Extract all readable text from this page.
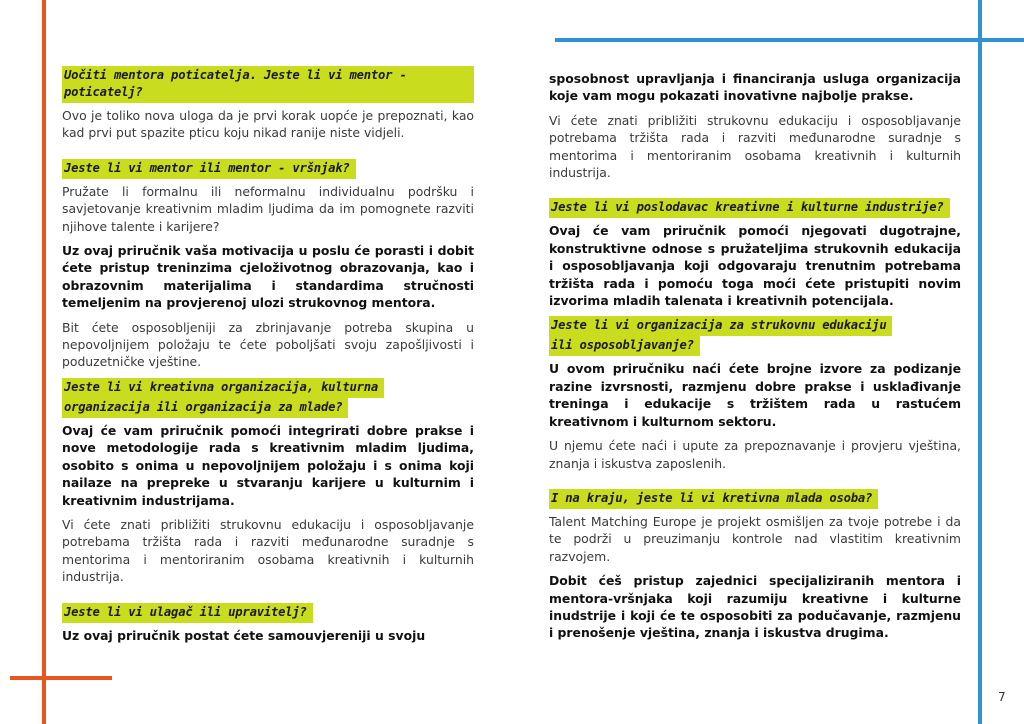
Uočiti mentora poticatelja. Jeste li vi mentor - poticatelj?

Ovo je toliko nova uloga da je prvi korak uopće je prepoznati, kao kad prvi put spazite pticu koju nikad ranije niste vidjeli.

Jeste li vi mentor ili mentor - vršnjak?

Pružate li formalnu ili neformalnu individualnu podršku i savjetovanje kreativnim mladim ljudima da im pomognete razviti njihove talente i karijere?

Uz ovaj priručnik vaša motivacija u poslu će porasti i dobit ćete pristup treninzima cjeloživotnog obrazovanja, kao i obrazovnim materijalima i standardima stručnosti temeljenim na provjerenoj ulozi strukovnog mentora.

Bit ćete osposobljeniji za zbrinjavanje potreba skupina u nepovoljnijem položaju te ćete poboljšati svoju zapošljivosti i poduzetničke vještine.

Jeste li vi kreativna organizacija, kulturna
organizacija ili organizacija za mlade?

Ovaj će vam priručnik pomoći integrirati dobre prakse i nove metodologije rada s kreativnim mladim ljudima, osobito s onima u nepovoljnijem položaju i s onima koji nailaze na prepreke u stvaranju karijere u kulturnim i kreativnim industrijama.

Vi ćete znati približiti strukovnu edukaciju i osposobljavanje potrebama tržišta rada i razviti međunarodne suradnje s mentorima i mentoriranim osobama kreativnih i kulturnih industrija.

Jeste li vi ulagač ili upravitelj?

Uz ovaj priručnik postat ćete samouvjereniji u svoju

sposobnost upravljanja i financiranja usluga organizacija koje vam mogu pokazati inovativne najbolje prakse.

Vi ćete znati približiti strukovnu edukaciju i osposobljavanje potrebama tržišta rada i razviti međunarodne suradnje s mentorima i mentoriranim osobama kreativnih i kulturnih industrija.

Jeste li vi poslodavac kreativne i kulturne industrije?

Ovaj će vam priručnik pomoći njegovati dugotrajne, konstruktivne odnose s pružateljima strukovnih edukacija i osposobljavanja koji odgovaraju trenutnim potrebama tržišta rada i pomoću toga moći ćete pristupiti novim izvorima mladih talenata i kreativnih potencijala.

Jeste li vi organizacija za strukovnu edukaciju
ili osposobljavanje?

U ovom priručniku naći ćete brojne izvore za podizanje razine izvrsnosti, razmjenu dobre prakse i usklađivanje treninga i edukacije s tržištem rada u rastućem kreativnom i kulturnom sektoru.

U njemu ćete naći i upute za prepoznavanje i provjeru vještina, znanja i iskustva zaposlenih.

I na kraju, jeste li vi kretivna mlada osoba?

Talent Matching Europe je projekt osmišljen za tvoje potrebe i da te podrži u preuzimanju kontrole nad vlastitim kreativnim razvojem.

Dobit ćeš pristup zajednici specijaliziranih mentora i mentora-vršnjaka koji razumiju kreativne i kulturne inudstrije i koji će te osposobiti za podučavanje, razmjenu i prenošenje vještina, znanja i iskustva drugima.

7
